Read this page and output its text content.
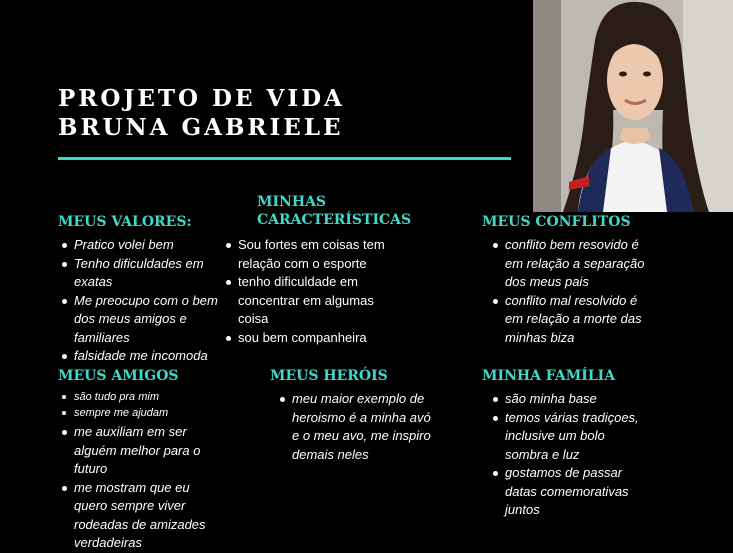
PROJETO DE VIDA
BRUNA GABRIELE
GLOBAL
MEUS VALORES:
Pratico volei bem
Tenho dificuldades em exatas
Me preocupo com o bem dos meus amigos e familiares
falsidade me incomoda
MINHAS
CARACTERÍSTICAS
Sou fortes em coisas tem relação com o esporte
tenho dificuldade em concentrar em algumas coisa
sou bem companheira
MEUS CONFLITOS
conflito bem resovido é em relação a separação dos meus pais
conflito mal resolvido é em relação a morte das minhas biza
MEUS AMIGOS
são tudo pra mim
sempre me ajudam
me auxiliam em ser alguém melhor para o futuro
me mostram que eu quero sempre viver rodeadas de amizades verdadeiras
MEUS HERÓIS
meu maior exemplo de heroismo é a minha avó e o meu avo, me inspiro demais neles
MINHA FAMÍLIA
são minha base
temos várias tradiçoes, inclusive um bolo sombra e luz
gostamos de passar datas comemorativas juntos
